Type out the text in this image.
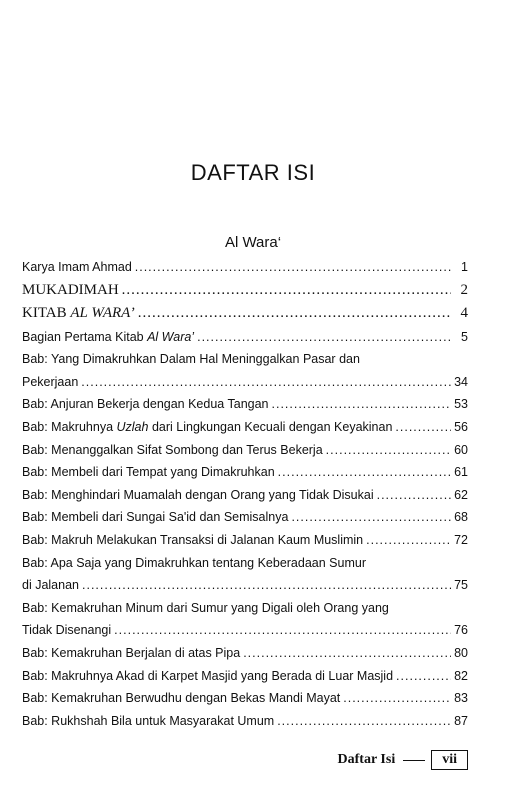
DAFTAR ISI
Al Wara‘
Karya Imam Ahmad .....	1
MUKADIMAH .....	2
KITAB AL WARA’ .....	4
Bagian Pertama Kitab Al Wara’ .....	5
Bab: Yang Dimakruhkan Dalam Hal Meninggalkan Pasar dan
Pekerjaan .....	34
Bab: Anjuran Bekerja dengan Kedua Tangan .....	53
Bab: Makruhnya Uzlah dari Lingkungan Kecuali dengan Keyakinan .....	56
Bab: Menanggalkan Sifat Sombong dan Terus Bekerja .....	60
Bab: Membeli dari Tempat yang Dimakruhkan .....	61
Bab: Menghindari Muamalah dengan Orang yang Tidak Disukai .....	62
Bab: Membeli dari Sungai Sa'id dan Semisalnya .....	68
Bab: Makruh Melakukan Transaksi di Jalanan Kaum Muslimin .....	72
Bab: Apa Saja yang Dimakruhkan tentang Keberadaan Sumur
di Jalanan .....	75
Bab: Kemakruhan Minum dari Sumur yang Digali oleh Orang yang
Tidak Disenangi .....	76
Bab: Kemakruhan Berjalan di atas Pipa .....	80
Bab: Makruhnya Akad di Karpet Masjid yang Berada di Luar Masjid .....	82
Bab: Kemakruhan Berwudhu dengan Bekas Mandi Mayat .....	83
Bab: Rukhshah Bila untuk Masyarakat Umum .....	87
Daftar Isi	vii
